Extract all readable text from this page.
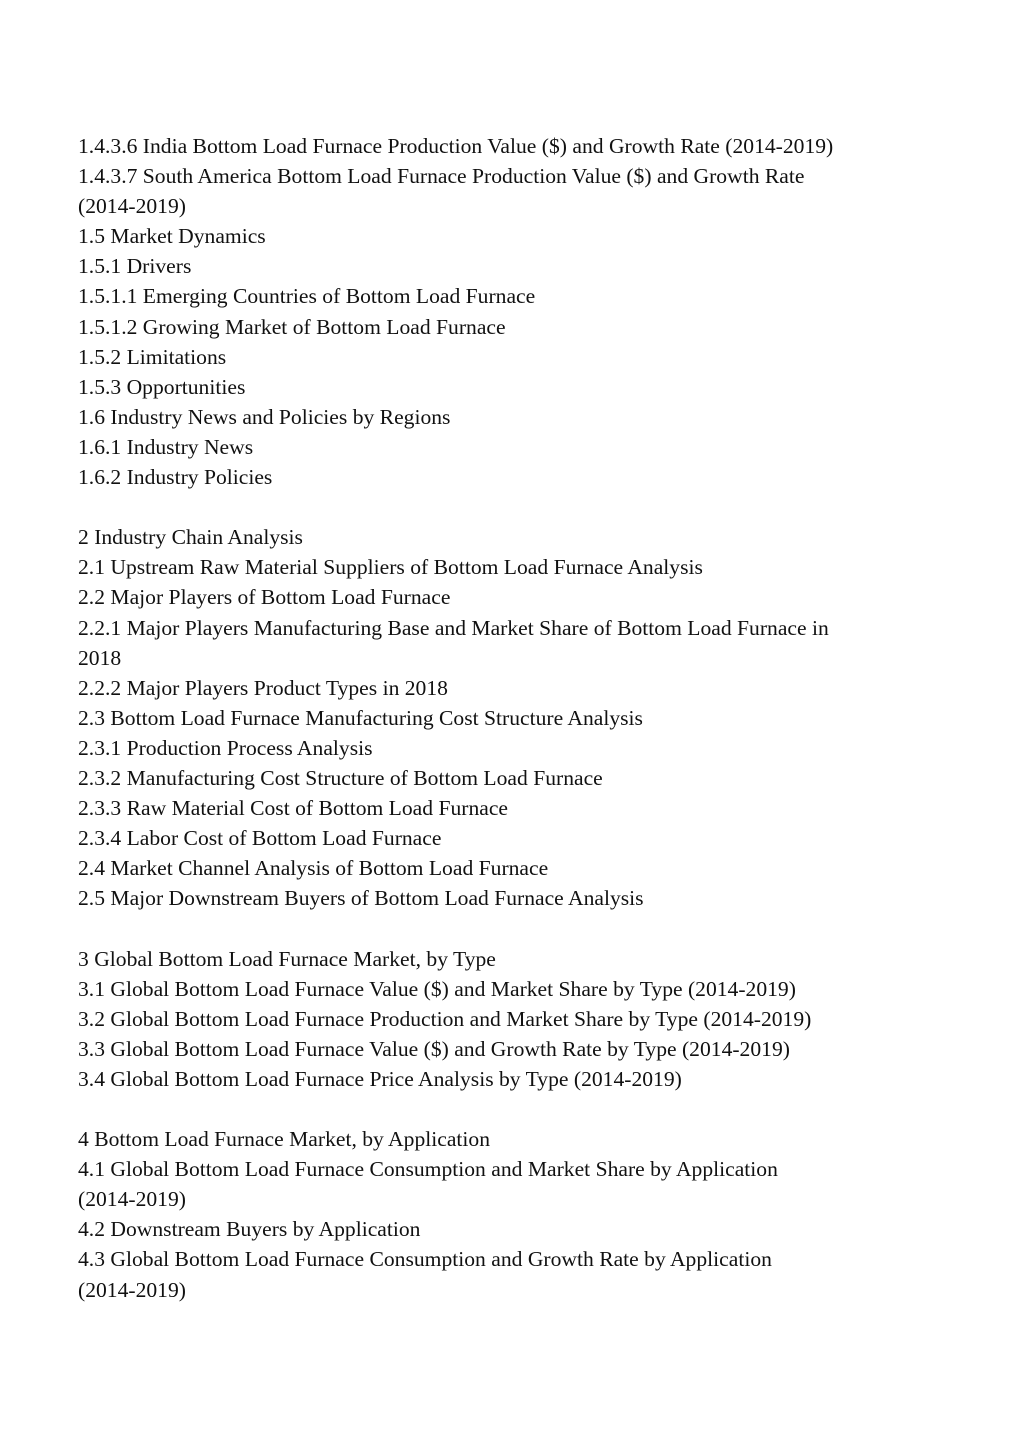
1.4.3.6 India Bottom Load Furnace Production Value ($) and Growth Rate (2014-2019)
1.4.3.7 South America Bottom Load Furnace Production Value ($) and Growth Rate
(2014-2019)
1.5 Market Dynamics
1.5.1 Drivers
1.5.1.1 Emerging Countries of Bottom Load Furnace
1.5.1.2 Growing Market of Bottom Load Furnace
1.5.2 Limitations
1.5.3 Opportunities
1.6 Industry News and Policies by Regions
1.6.1 Industry News
1.6.2 Industry Policies
2 Industry Chain Analysis
2.1 Upstream Raw Material Suppliers of Bottom Load Furnace Analysis
2.2 Major Players of Bottom Load Furnace
2.2.1 Major Players Manufacturing Base and Market Share of Bottom Load Furnace in
2018
2.2.2 Major Players Product Types in 2018
2.3 Bottom Load Furnace Manufacturing Cost Structure Analysis
2.3.1 Production Process Analysis
2.3.2 Manufacturing Cost Structure of Bottom Load Furnace
2.3.3 Raw Material Cost of Bottom Load Furnace
2.3.4 Labor Cost of Bottom Load Furnace
2.4 Market Channel Analysis of Bottom Load Furnace
2.5 Major Downstream Buyers of Bottom Load Furnace Analysis
3 Global Bottom Load Furnace Market, by Type
3.1 Global Bottom Load Furnace Value ($) and Market Share by Type (2014-2019)
3.2 Global Bottom Load Furnace Production and Market Share by Type (2014-2019)
3.3 Global Bottom Load Furnace Value ($) and Growth Rate by Type (2014-2019)
3.4 Global Bottom Load Furnace Price Analysis by Type (2014-2019)
4 Bottom Load Furnace Market, by Application
4.1 Global Bottom Load Furnace Consumption and Market Share by Application
(2014-2019)
4.2 Downstream Buyers by Application
4.3 Global Bottom Load Furnace Consumption and Growth Rate by Application
(2014-2019)
